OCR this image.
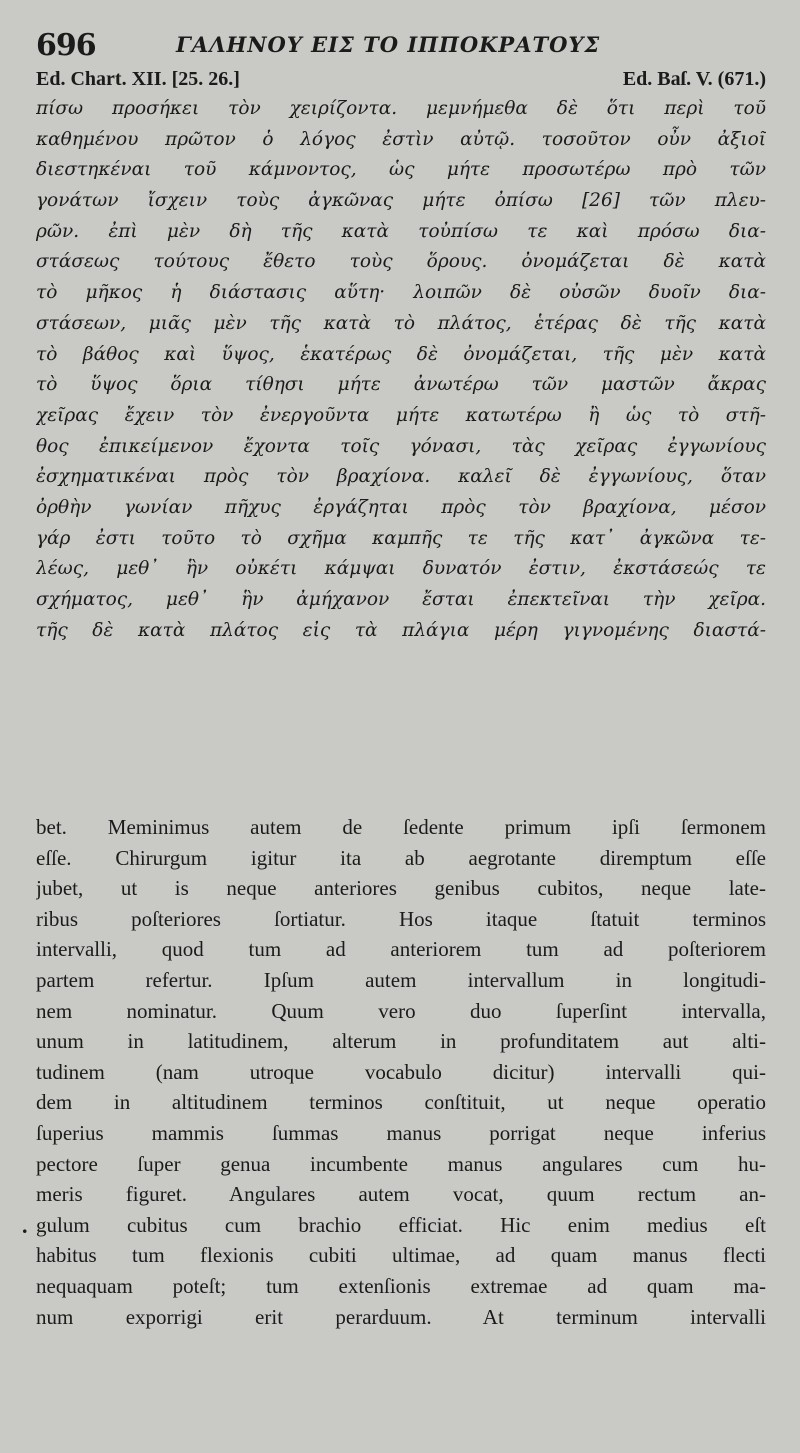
696	ΓΑΛΗΝΟΥ ΕΙΣ ΤΟ ΙΠΠΟΚΡΑΤΟΥΣ
Ed. Chart. XII. [25. 26.]	Ed. Baſ. V. (671.)
πίσω προσήκει τὸν χειρίζοντα. μεμνήμεθα δὲ ὅτι περὶ τοῦ
καθημένου πρῶτον ὁ λόγος ἐστὶν αὐτῷ. τοσοῦτον οὖν ἀξιοῖ
διεστηκέναι τοῦ κάμνοντος, ὡς μήτε προσωτέρω πρὸ τῶν
γονάτων ἴσχειν τοὺς ἀγκῶνας μήτε ὀπίσω [26] τῶν πλευ-
ρῶν. ἐπὶ μὲν δὴ τῆς κατὰ τοὐπίσω τε καὶ πρόσω δια-
στάσεως τούτους ἔθετο τοὺς ὅρους. ὀνομάζεται δὲ κατὰ
τὸ μῆκος ἡ διάστασις αὕτη· λοιπῶν δὲ οὐσῶν δυοῖν δια-
στάσεων, μιᾶς μὲν τῆς κατὰ τὸ πλάτος, ἑτέρας δὲ τῆς κατὰ
τὸ βάθος καὶ ὕψος, ἑκατέρως δὲ ὀνομάζεται, τῆς μὲν κατὰ
τὸ ὕψος ὅρια τίθησι μήτε ἀνωτέρω τῶν μαστῶν ἄκρας
χεῖρας ἔχειν τὸν ἐνεργοῦντα μήτε κατωτέρω ἢ ὡς τὸ στῆ-
θος ἐπικείμενον ἔχοντα τοῖς γόνασι, τὰς χεῖρας ἐγγωνίους
ἐσχηματικέναι πρὸς τὸν βραχίονα. καλεῖ δὲ ἐγγωνίους, ὅταν
ὀρθὴν γωνίαν πῆχυς ἐργάζηται πρὸς τὸν βραχίονα, μέσον
γάρ ἐστι τοῦτο τὸ σχῆμα καμπῆς τε τῆς κατ᾽ ἀγκῶνα τε-
λέως, μεθ᾽ ἣν οὐκέτι κάμψαι δυνατόν ἐστιν, ἐκστάσεώς τε
σχήματος, μεθ᾽ ἣν ἀμήχανον ἔσται ἐπεκτεῖναι τὴν χεῖρα.
τῆς δὲ κατὰ πλάτος εἰς τὰ πλάγια μέρη γιγνομένης διαστά-
.
bet. Meminimus autem de ſedente primum ipſi ſermonem
eſſe. Chirurgum igitur ita ab aegrotante diremptum eſſe
jubet, ut is neque anteriores genibus cubitos, neque late-
ribus poſteriores ſortiatur. Hos itaque ſtatuit terminos
intervalli, quod tum ad anteriorem tum ad poſteriorem
partem refertur. Ipſum autem intervallum in longitudi-
nem nominatur. Quum vero duo ſuperſint intervalla,
unum in latitudinem, alterum in profunditatem aut alti-
tudinem (nam utroque vocabulo dicitur) intervalli qui-
dem in altitudinem terminos conſtituit, ut neque operatio
ſuperius mammis ſummas manus porrigat neque inferius
pectore ſuper genua incumbente manus angulares cum hu-
meris figuret. Angulares autem vocat, quum rectum an-
gulum cubitus cum brachio efficiat. Hic enim medius eſt
habitus tum flexionis cubiti ultimae, ad quam manus flecti
nequaquam poteſt; tum extenſionis extremae ad quam ma-
num exporrigi erit perarduum. At terminum intervalli
